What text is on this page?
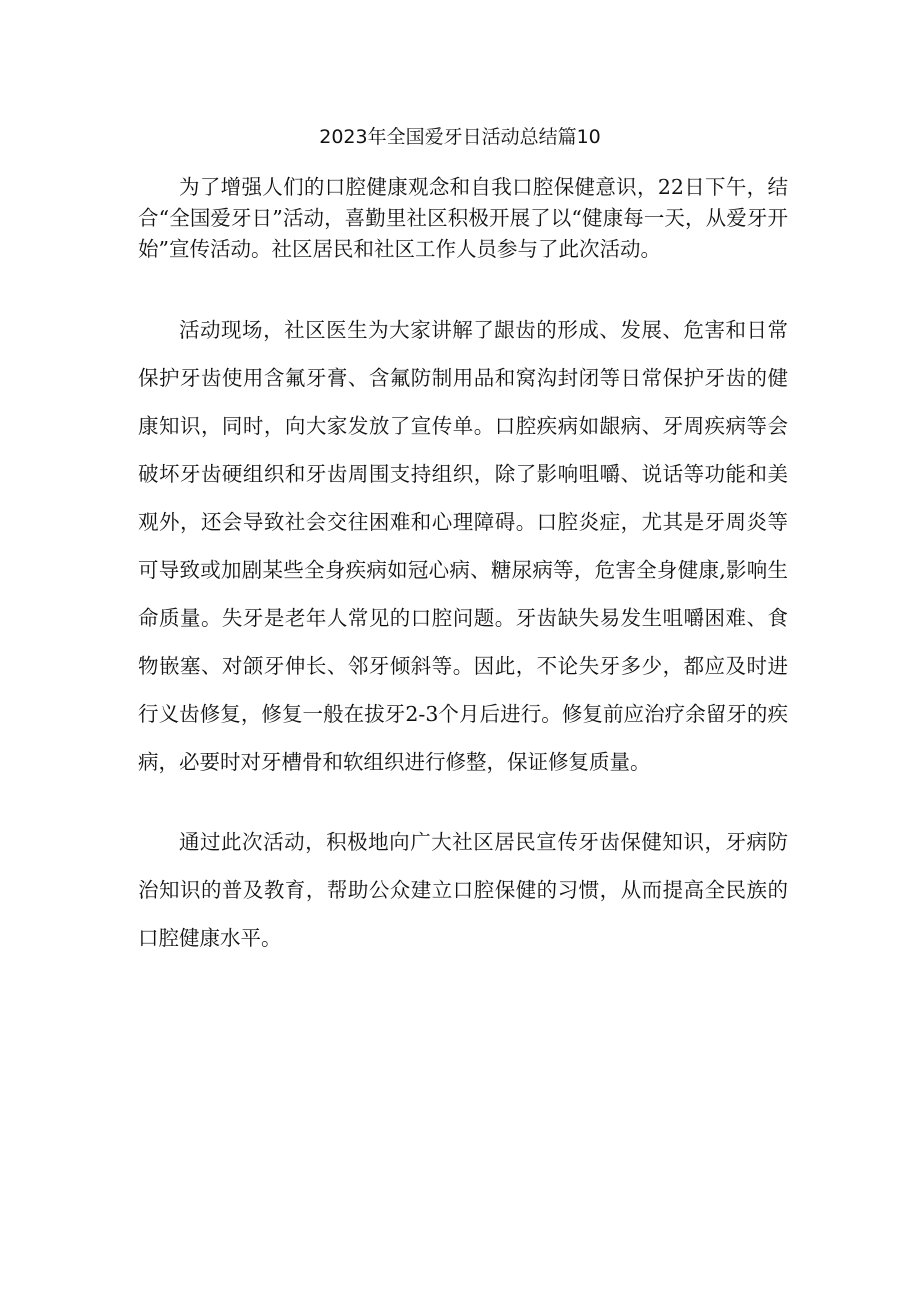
2023年全国爱牙日活动总结篇10

为了增强人们的口腔健康观念和自我口腔保健意识，22日下午，结合“全国爱牙日”活动，喜勤里社区积极开展了以“健康每一天，从爱牙开始”宣传活动。社区居民和社区工作人员参与了此次活动。

活动现场，社区医生为大家讲解了龈齿的形成、发展、危害和日常保护牙齿使用含氟牙膏、含氟防制用品和窝沟封闭等日常保护牙齿的健康知识，同时，向大家发放了宣传单。口腔疾病如龈病、牙周疾病等会破坏牙齿硬组织和牙齿周围支持组织，除了影响咀嚼、说话等功能和美观外，还会导致社会交往困难和心理障碍。口腔炎症，尤其是牙周炎等可导致或加剧某些全身疾病如冠心病、糖尿病等，危害全身健康,影响生命质量。失牙是老年人常见的口腔问题。牙齿缺失易发生咀嚼困难、食物嵌塞、对颌牙伸长、邻牙倾斜等。因此，不论失牙多少，都应及时进行义齿修复，修复一般在拔牙2-3个月后进行。修复前应治疗余留牙的疾病，必要时对牙槽骨和软组织进行修整，保证修复质量。

通过此次活动，积极地向广大社区居民宣传牙齿保健知识，牙病防治知识的普及教育，帮助公众建立口腔保健的习惯，从而提高全民族的口腔健康水平。
